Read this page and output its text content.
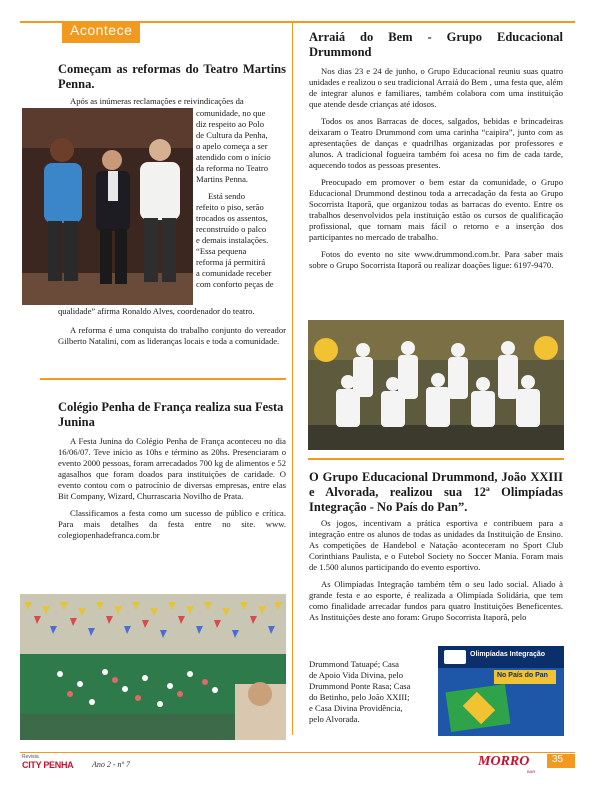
Acontece
Começam as reformas do Teatro Martins Penna.

Após as inúmeras reclamações e reivindicações da

comunidade, no que
diz respeito ao Polo
de Cultura da Penha,
o apelo começa a ser
atendido com o início
da reforma no Teatro
Martins Penna.

Está sendo
refeito o piso, serão
trocados os assentos,
reconstruído o palco
e demais instalações.
“Essa pequena
reforma já permitirá
a comunidade receber
com conforto peças de

qualidade” afirma Ronaldo Alves, coordenador do teatro.

A reforma é uma conquista do trabalho conjunto do vereador Gilberto Natalini, com as lideranças locais e toda a comunidade.

Colégio Penha de França realiza sua Festa Junina

A Festa Junina do Colégio Penha de França aconteceu no dia 16/06/07. Teve início as 10hs e término as 20hs. Presenciaram o evento 2000 pessoas, foram arrecadados 700 kg de alimentos e 52 agasalhos que foram doados para instituições de caridade. O evento contou com o patrocínio de diversas empresas, entre elas Bit Company, Wizard, Churrascaria Novilho de Prata.

Classificamos a festa como um sucesso de público e crítica. Para mais detalhes da festa entre no site. www. colegiopenhadefranca.com.br

Arraiá do Bem - Grupo Educacional Drummond

Nos dias 23 e 24 de junho, o Grupo Educacional reuniu suas quatro unidades e realizou o seu tradicional Arraiá do Bem , uma festa que, além de integrar alunos e familiares, também colabora com uma instituição que atende desde crianças até idosos.

Todos os anos Barracas de doces, salgados, bebidas e brincadeiras deixaram o Teatro Drummond com uma carinha “caipira”, junto com as apresentações de danças e quadrilhas organizadas por professores e alunos. A tradicional fogueira também foi acesa no fim de cada tarde, aquecendo todos as pessoas presentes.

Preocupado em promover o bem estar da comunidade, o Grupo Educacional Drummond destinou toda a arrecadação da festa ao Grupo Socorrista Itaporã, que organizou todas as barracas do evento. Entre os trabalhos desenvolvidos pela instituição estão os cursos de qualificação profissional, que tornam mais fácil o retorno e a inserção dos participantes no mercado de trabalho.

Fotos do evento no site www.drummond.com.br. Para saber mais sobre o Grupo Socorrista Itaporã ou realizar doações ligue: 6197-9470.

O Grupo Educacional Drummond, João XXIII e Alvorada, realizou sua 12ª Olimpíadas Integração - No País do Pan”.

Os jogos, incentivam a prática esportiva e contribuem para a integração entre os alunos de todas as unidades da Instituição de Ensino. As competições de Handebol e Natação aconteceram no Sport Club Corinthians Paulista, e o Futebol Society no Soccer Mania. Foram mais de 1.500 alunos participando do evento esportivo.

As Olimpíadas Integração também têm o seu lado social. Aliado à grande festa e ao esporte, é realizada a Olimpíada Solidária, que tem como finalidade arrecadar fundos para quatro Instituições Beneficentes. As Instituições deste ano foram: Grupo Socorrista Itaporã, pelo

Drummond Tatuapé; Casa
de Apoio Vida Divina, pelo
Drummond Ponte Rasa; Casa
do Betinho, pelo João XXIII;
e Casa Divina Providência,
pelo Alvorada.

Olimpíadas Integração
No País do Pan
Revista
CITY PENHA Ano 2 - nº 7	MORRO
BAR
35
